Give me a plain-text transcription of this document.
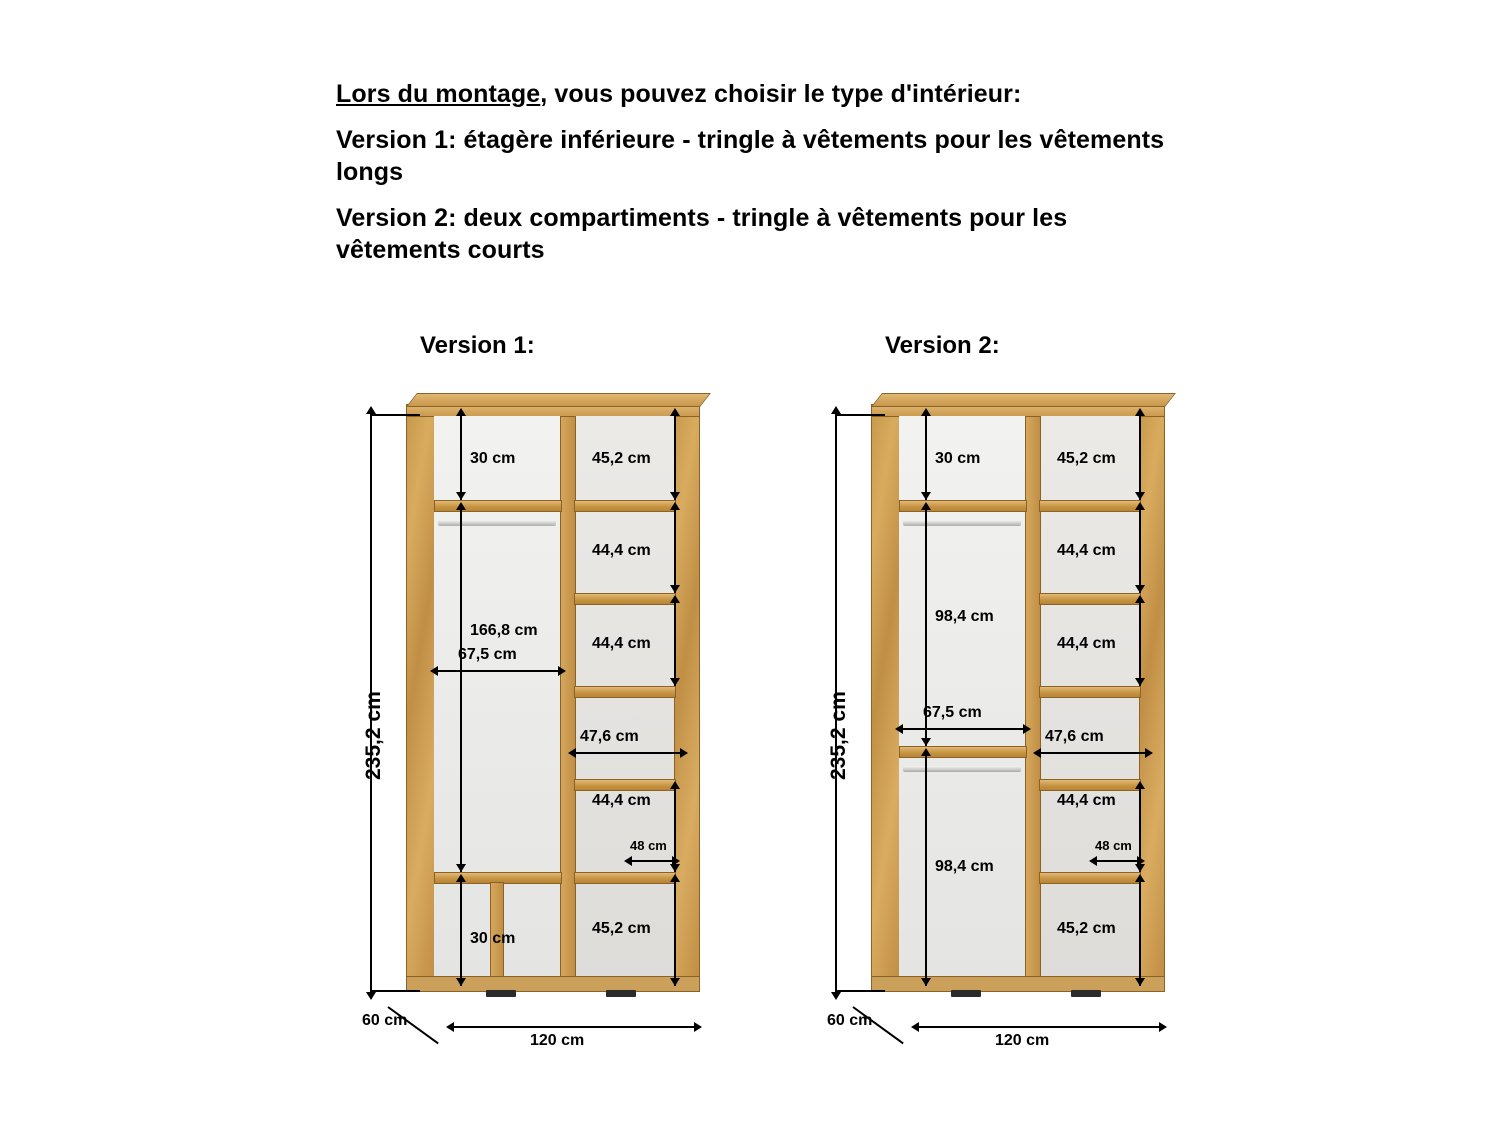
Lors du montage, vous pouvez choisir le type d'intérieur:

Version 1: étagère inférieure - tringle à vêtements pour les vêtements longs

Version 2: deux compartiments - tringle à vêtements pour les vêtements courts

Version 1:	Version 2:
235,2 cm
30 cm
166,8 cm
30 cm
67,5 cm
47,6 cm
48 cm
45,2 cm
44,4 cm
44,4 cm
44,4 cm
45,2 cm
60 cm
120 cm
235,2 cm
30 cm
98,4 cm
98,4 cm
67,5 cm
47,6 cm
48 cm
45,2 cm
44,4 cm
44,4 cm
44,4 cm
45,2 cm
60 cm
120 cm
